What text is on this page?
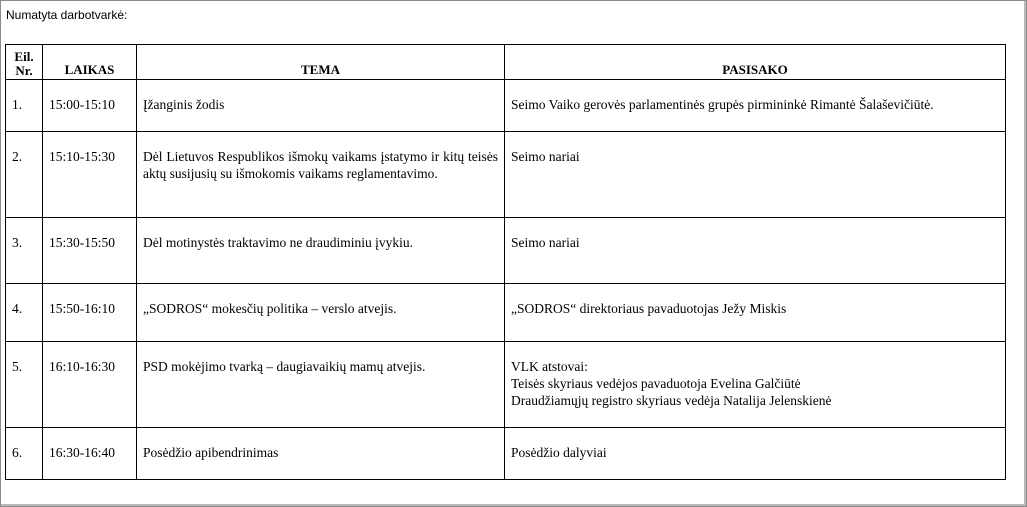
Numatyta darbotvarkė:
Eil.
Nr.	LAIKAS	TEMA	PASISAKO
1.	15:00-15:10	Įžanginis žodis	Seimo Vaiko gerovės parlamentinės grupės pirmininkė Rimantė Šalaševičiūtė.

2.	15:10-15:30	Dėl Lietuvos Respublikos išmokų vaikams įstatymo ir kitų teisės aktų susijusių su išmokomis vaikams reglamentavimo.	Seimo nariai

3.	15:30-15:50	Dėl motinystės traktavimo ne draudiminiu įvykiu.	Seimo nariai

4.	15:50-16:10	„SODROS“ mokesčių politika – verslo atvejis.	„SODROS“ direktoriaus pavaduotojas Ježy Miskis

5.	16:10-16:30	PSD mokėjimo tvarką – daugiavaikių mamų atvejis.	VLK atstovai:
Teisės skyriaus vedėjos pavaduotoja Evelina Galčiūtė
Draudžiamųjų registro skyriaus vedėja Natalija Jelenskienė

6.	16:30-16:40	Posėdžio apibendrinimas	Posėdžio dalyviai
